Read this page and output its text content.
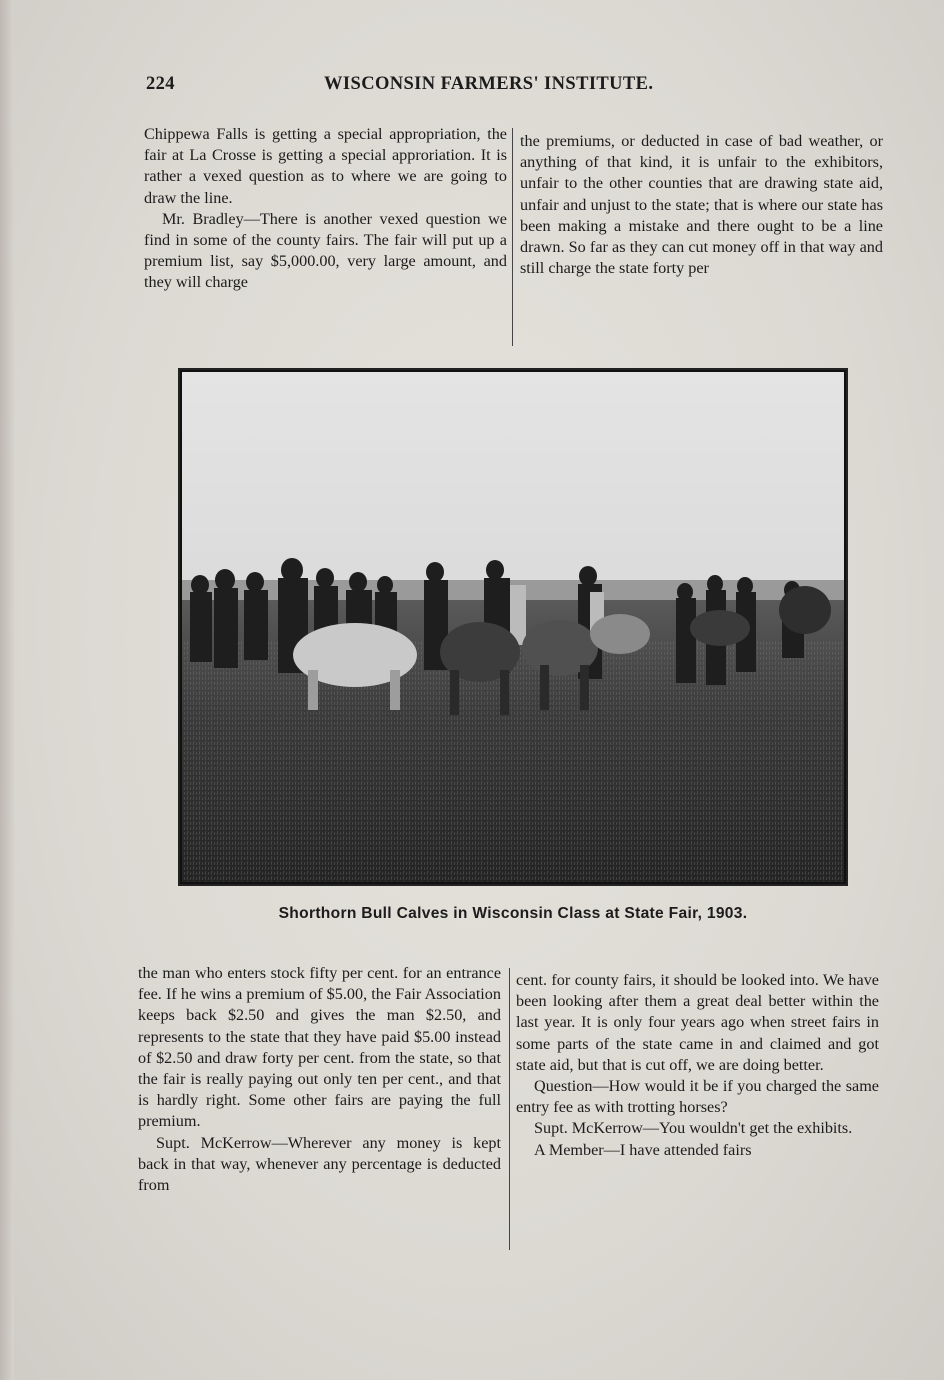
224	WISCONSIN FARMERS' INSTITUTE.

Chippewa Falls is getting a special appropriation, the fair at La Crosse is getting a special approriation. It is rather a vexed question as to where we are going to draw the line.

Mr. Bradley—There is another vexed question we find in some of the county fairs. The fair will put up a premium list, say $5,000.00, very large amount, and they will charge

the premiums, or deducted in case of bad weather, or anything of that kind, it is unfair to the exhibitors, unfair to the other counties that are drawing state aid, unfair and unjust to the state; that is where our state has been making a mistake and there ought to be a line drawn. So far as they can cut money off in that way and still charge the state forty per

Shorthorn Bull Calves in Wisconsin Class at State Fair, 1903.

the man who enters stock fifty per cent. for an entrance fee. If he wins a premium of $5.00, the Fair Association keeps back $2.50 and gives the man $2.50, and represents to the state that they have paid $5.00 instead of $2.50 and draw forty per cent. from the state, so that the fair is really paying out only ten per cent., and that is hardly right. Some other fairs are paying the full premium.

Supt. McKerrow—Wherever any money is kept back in that way, whenever any percentage is deducted from

cent. for county fairs, it should be looked into. We have been looking after them a great deal better within the last year. It is only four years ago when street fairs in some parts of the state came in and claimed and got state aid, but that is cut off, we are doing better.

Question—How would it be if you charged the same entry fee as with trotting horses?

Supt. McKerrow—You wouldn't get the exhibits.

A Member—I have attended fairs
